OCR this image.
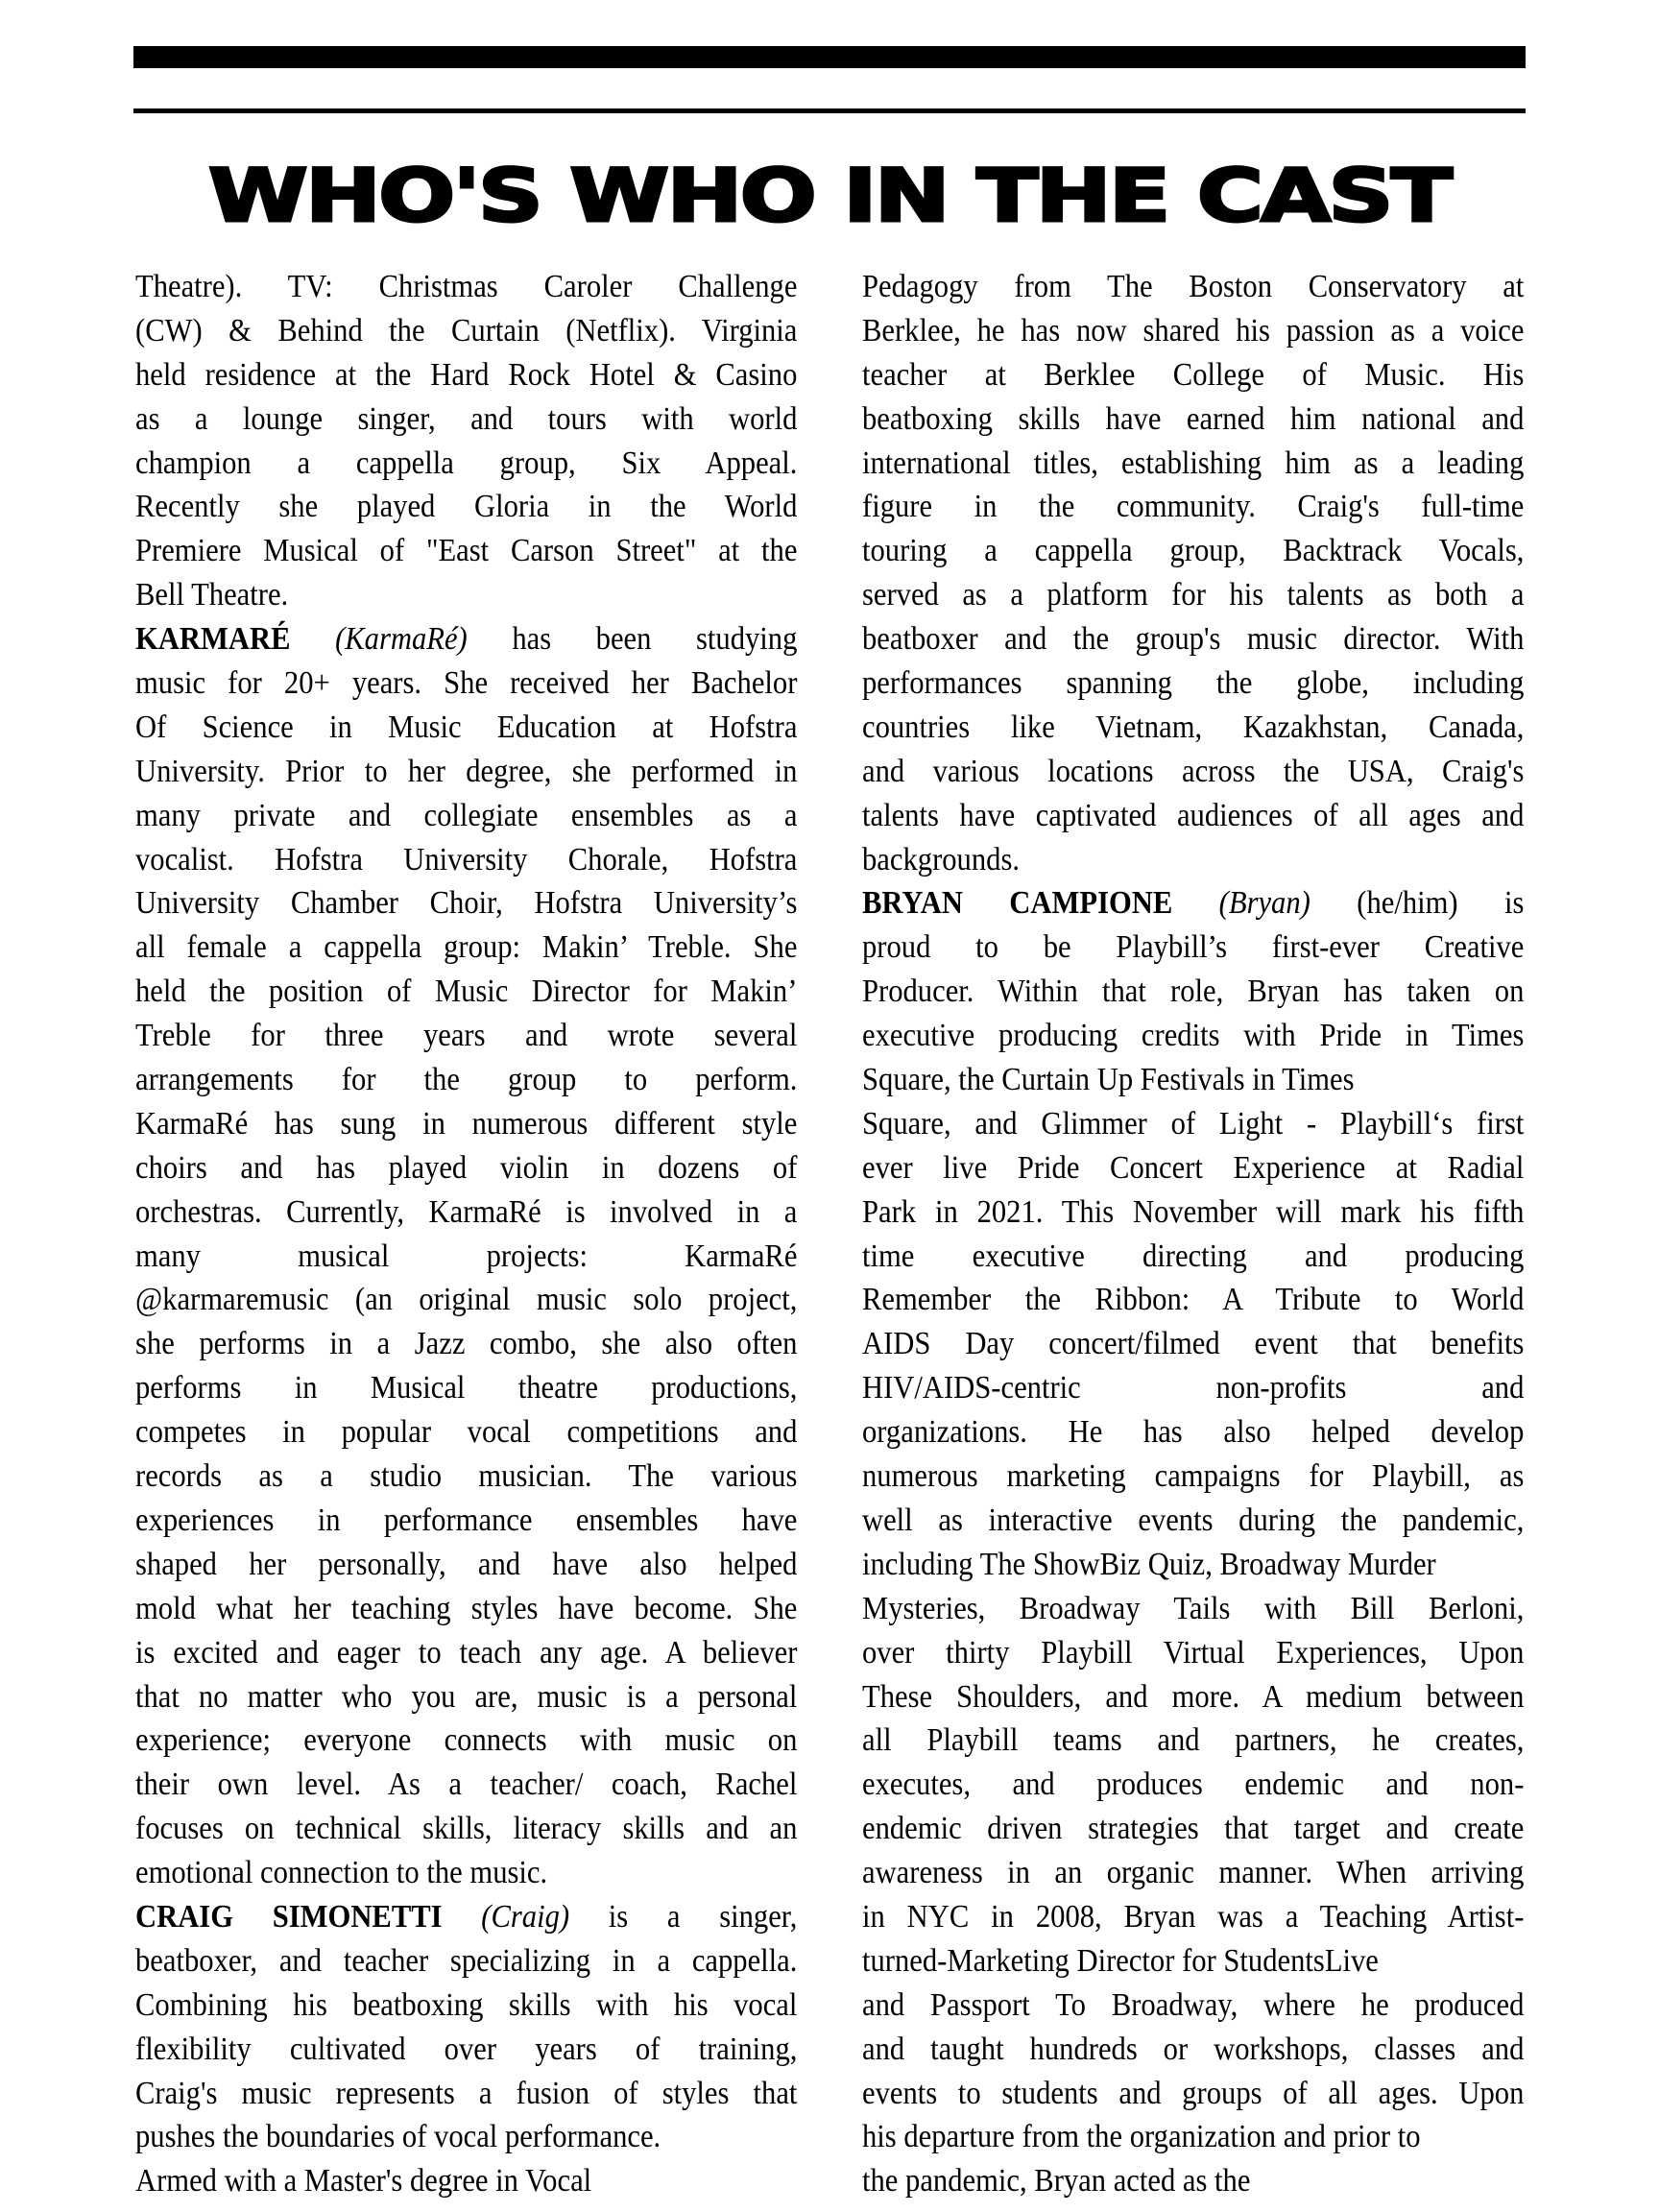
WHO'S WHO IN THE CAST
Theatre). TV: Christmas Caroler Challenge
(CW) & Behind the Curtain (Netflix). Virginia
held residence at the Hard Rock Hotel & Casino
as a lounge singer, and tours with world
champion a cappella group, Six Appeal.
Recently she played Gloria in the World
Premiere Musical of "East Carson Street" at the
Bell Theatre.
KARMARÉ (KarmaRé) has been studying
music for 20+ years. She received her Bachelor
Of Science in Music Education at Hofstra
University. Prior to her degree, she performed in
many private and collegiate ensembles as a
vocalist. Hofstra University Chorale, Hofstra
University Chamber Choir, Hofstra University’s
all female a cappella group: Makin’ Treble. She
held the position of Music Director for Makin’
Treble for three years and wrote several
arrangements for the group to perform.
KarmaRé has sung in numerous different style
choirs and has played violin in dozens of
orchestras. Currently, KarmaRé is involved in a
many musical projects: KarmaRé
@karmaremusic (an original music solo project,
she performs in a Jazz combo, she also often
performs in Musical theatre productions,
competes in popular vocal competitions and
records as a studio musician. The various
experiences in performance ensembles have
shaped her personally, and have also helped
mold what her teaching styles have become. She
is excited and eager to teach any age. A believer
that no matter who you are, music is a personal
experience; everyone connects with music on
their own level. As a teacher/ coach, Rachel
focuses on technical skills, literacy skills and an
emotional connection to the music.
CRAIG SIMONETTI (Craig) is a singer,
beatboxer, and teacher specializing in a cappella.
Combining his beatboxing skills with his vocal
flexibility cultivated over years of training,
Craig's music represents a fusion of styles that
pushes the boundaries of vocal performance.
Armed with a Master's degree in Vocal
Pedagogy from The Boston Conservatory at
Berklee, he has now shared his passion as a voice
teacher at Berklee College of Music. His
beatboxing skills have earned him national and
international titles, establishing him as a leading
figure in the community. Craig's full-time
touring a cappella group, Backtrack Vocals,
served as a platform for his talents as both a
beatboxer and the group's music director. With
performances spanning the globe, including
countries like Vietnam, Kazakhstan, Canada,
and various locations across the USA, Craig's
talents have captivated audiences of all ages and
backgrounds.
BRYAN CAMPIONE (Bryan) (he/him) is
proud to be Playbill’s first-ever Creative
Producer. Within that role, Bryan has taken on
executive producing credits with Pride in Times
Square, the Curtain Up Festivals in Times
Square, and Glimmer of Light - Playbill‘s first
ever live Pride Concert Experience at Radial
Park in 2021. This November will mark his fifth
time executive directing and producing
Remember the Ribbon: A Tribute to World
AIDS Day concert/filmed event that benefits
HIV/AIDS-centric non-profits and
organizations. He has also helped develop
numerous marketing campaigns for Playbill, as
well as interactive events during the pandemic,
including The ShowBiz Quiz, Broadway Murder
Mysteries, Broadway Tails with Bill Berloni,
over thirty Playbill Virtual Experiences, Upon
These Shoulders, and more. A medium between
all Playbill teams and partners, he creates,
executes, and produces endemic and non-
endemic driven strategies that target and create
awareness in an organic manner. When arriving
in NYC in 2008, Bryan was a Teaching Artist-
turned-Marketing Director for StudentsLive
and Passport To Broadway, where he produced
and taught hundreds or workshops, classes and
events to students and groups of all ages. Upon
his departure from the organization and prior to
the pandemic, Bryan acted as the
